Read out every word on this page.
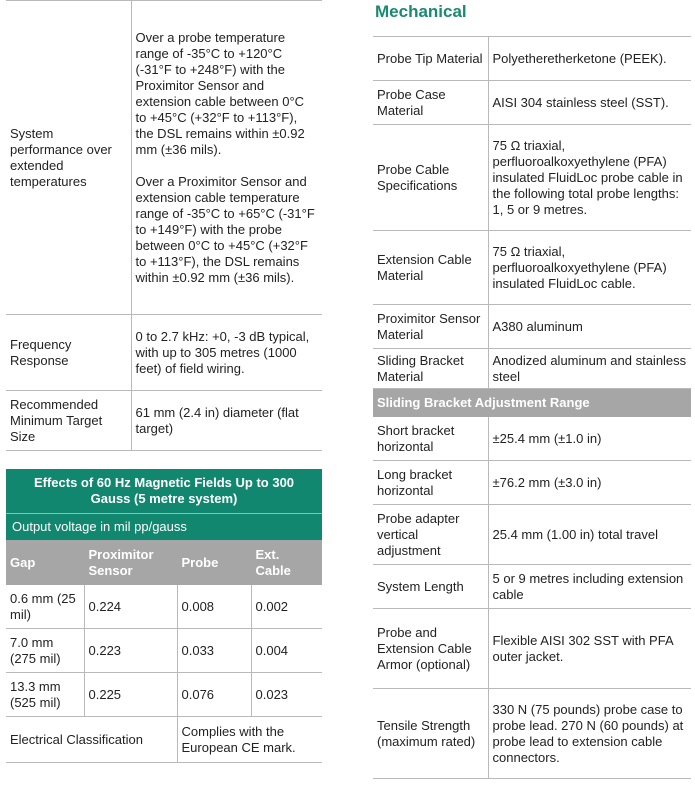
System performance over extended temperatures	Over a probe temperature range of -35°C to +120°C (-31°F to +248°F) with the Proximitor Sensor and extension cable between 0°C to +45°C (+32°F to +113°F), the DSL remains within ±0.92 mm (±36 mils).
Over a Proximitor Sensor and extension cable temperature range of -35°C to +65°C (-31°F to +149°F) with the probe between 0°C to +45°C (+32°F to +113°F), the DSL remains within ±0.92 mm (±36 mils).

Frequency Response	0 to 2.7 kHz: +0, -3 dB typical, with up to 305 metres (1000 feet) of field wiring.
Recommended Minimum Target Size	61 mm (2.4 in) diameter (flat target)
Effects of 60 Hz Magnetic Fields Up to 300 Gauss (5 metre system)
Output voltage in mil pp/gauss
Gap	Proximitor Sensor	Probe	Ext. Cable
0.6 mm (25 mil)	0.224	0.008	0.002
7.0 mm (275 mil)	0.223	0.033	0.004
13.3 mm (525 mil)	0.225	0.076	0.023
Electrical Classification		Complies with the European CE mark.	
Mechanical
Probe Tip Material	Polyetheretherketone (PEEK).
Probe Case Material	AISI 304 stainless steel (SST).
Probe Cable Specifications	75 Ω triaxial, perfluoroalkoxyethylene (PFA) insulated FluidLoc probe cable in the following total probe lengths: 1, 5 or 9 metres.
Extension Cable Material	75 Ω triaxial, perfluoroalkoxyethylene (PFA) insulated FluidLoc cable.
Proximitor Sensor Material	A380 aluminum
Sliding Bracket Material	Anodized aluminum and stainless steel
Sliding Bracket Adjustment Range	
Short bracket horizontal	±25.4 mm (±1.0 in)
Long bracket horizontal	±76.2 mm (±3.0 in)
Probe adapter vertical adjustment	25.4 mm (1.00 in) total travel
System Length	5 or 9 metres including extension cable
Probe and Extension Cable Armor (optional)	Flexible AISI 302 SST with PFA outer jacket.
Tensile Strength (maximum rated)	330 N (75 pounds) probe case to probe lead. 270 N (60 pounds) at probe lead to extension cable connectors.
